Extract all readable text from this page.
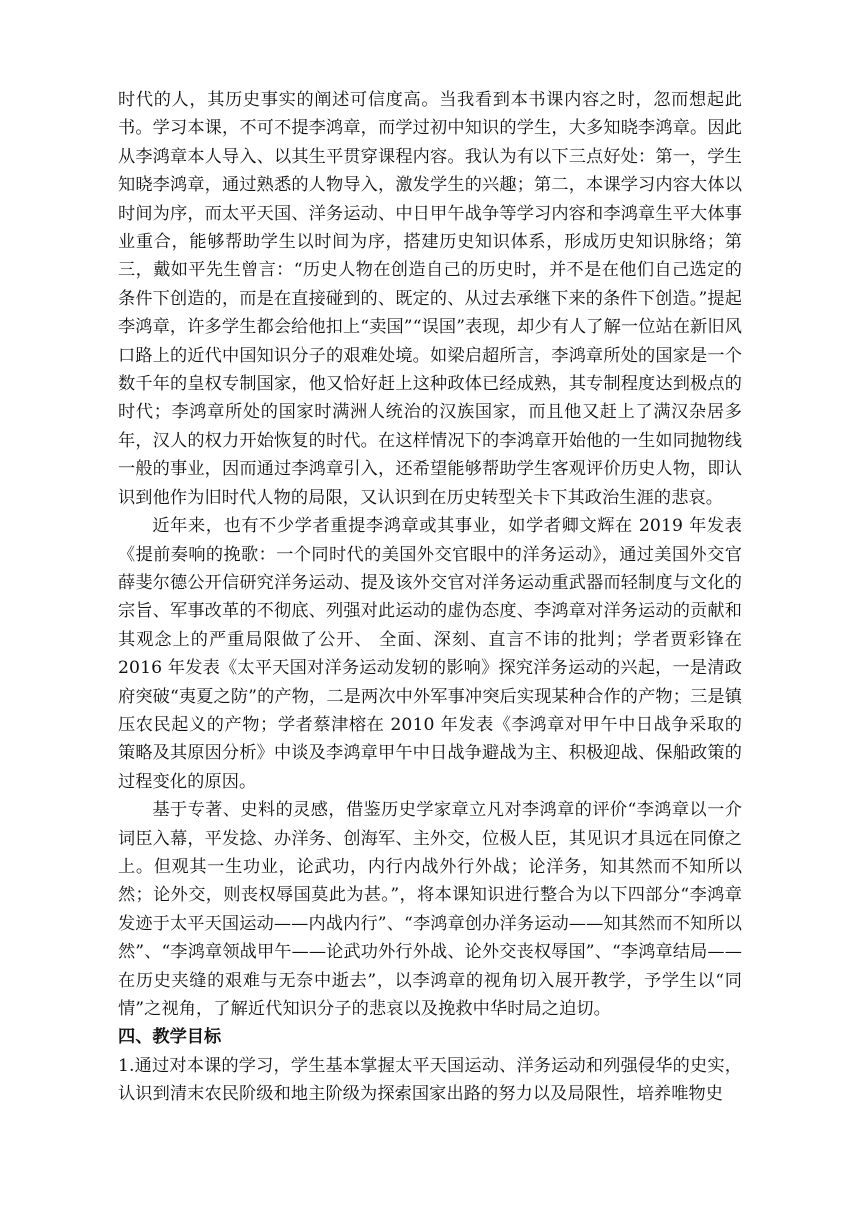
时代的人，其历史事实的阐述可信度高。当我看到本书课内容之时，忽而想起此书。学习本课，不可不提李鸿章，而学过初中知识的学生，大多知晓李鸿章。因此从李鸿章本人导入、以其生平贯穿课程内容。我认为有以下三点好处：第一，学生知晓李鸿章，通过熟悉的人物导入，激发学生的兴趣；第二，本课学习内容大体以时间为序，而太平天国、洋务运动、中日甲午战争等学习内容和李鸿章生平大体事业重合，能够帮助学生以时间为序，搭建历史知识体系，形成历史知识脉络；第三，戴如平先生曾言：“历史人物在创造自己的历史时，并不是在他们自己选定的条件下创造的，而是在直接碰到的、既定的、从过去承继下来的条件下创造。”提起李鸿章，许多学生都会给他扣上“卖国”“误国”表现，却少有人了解一位站在新旧风口路上的近代中国知识分子的艰难处境。如梁启超所言，李鸿章所处的国家是一个数千年的皇权专制国家，他又恰好赶上这种政体已经成熟，其专制程度达到极点的时代；李鸿章所处的国家时满洲人统治的汉族国家，而且他又赶上了满汉杂居多年，汉人的权力开始恢复的时代。在这样情况下的李鸿章开始他的一生如同抛物线一般的事业，因而通过李鸿章引入，还希望能够帮助学生客观评价历史人物，即认识到他作为旧时代人物的局限，又认识到在历史转型关卡下其政治生涯的悲哀。

近年来，也有不少学者重提李鸿章或其事业，如学者卿文辉在 2019 年发表《提前奏响的挽歌：一个同时代的美国外交官眼中的洋务运动》，通过美国外交官薛斐尔德公开信研究洋务运动、提及该外交官对洋务运动重武器而轻制度与文化的宗旨、军事改革的不彻底、列强对此运动的虚伪态度、李鸿章对洋务运动的贡献和其观念上的严重局限做了公开、 全面、深刻、直言不讳的批判；学者贾彩锋在 2016 年发表《太平天国对洋务运动发轫的影响》探究洋务运动的兴起，一是清政府突破“夷夏之防”的产物，二是两次中外军事冲突后实现某种合作的产物；三是镇压农民起义的产物；学者蔡津榕在 2010 年发表《李鸿章对甲午中日战争采取的策略及其原因分析》中谈及李鸿章甲午中日战争避战为主、积极迎战、保船政策的过程变化的原因。

基于专著、史料的灵感，借鉴历史学家章立凡对李鸿章的评价“李鸿章以一介词臣入幕，平发捻、办洋务、创海军、主外交，位极人臣，其见识才具远在同僚之上。但观其一生功业，论武功，内行内战外行外战；论洋务，知其然而不知所以然；论外交，则丧权辱国莫此为甚。”，将本课知识进行整合为以下四部分“李鸿章发迹于太平天国运动——内战内行”、“李鸿章创办洋务运动——知其然而不知所以然”、“李鸿章领战甲午——论武功外行外战、论外交丧权辱国”、“李鸿章结局——在历史夹缝的艰难与无奈中逝去”，以李鸿章的视角切入展开教学，予学生以“同情”之视角，了解近代知识分子的悲哀以及挽救中华时局之迫切。

四、教学目标

1.通过对本课的学习，学生基本掌握太平天国运动、洋务运动和列强侵华的史实，认识到清末农民阶级和地主阶级为探索国家出路的努力以及局限性，培养唯物史
